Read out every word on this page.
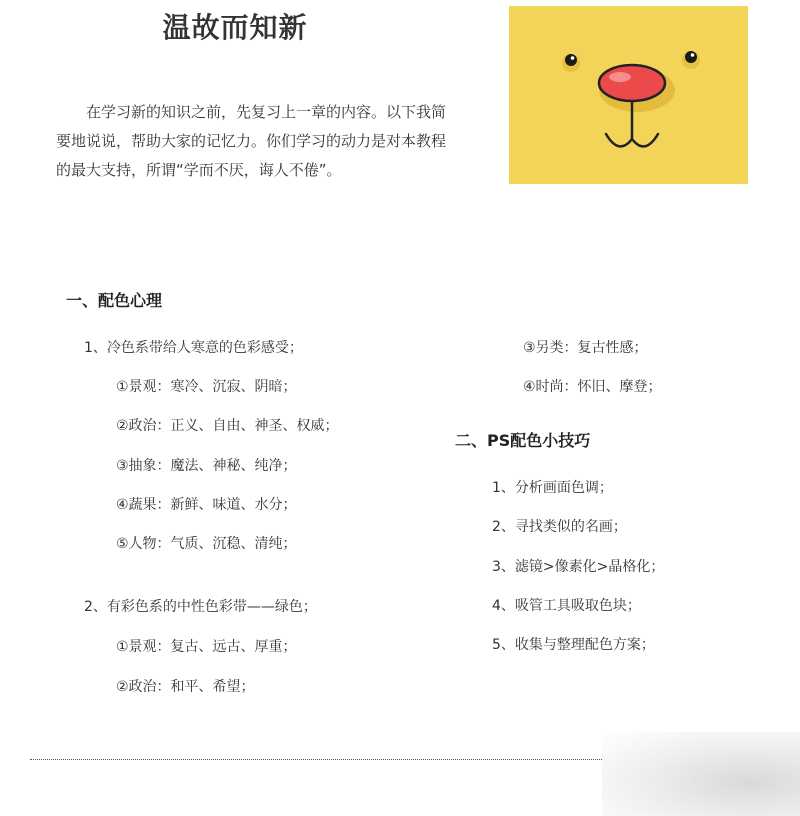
温故而知新
在学习新的知识之前，先复习上一章的内容。以下我简要地说说，帮助大家的记忆力。你们学习的动力是对本教程的最大支持，所谓“学而不厌，诲人不倦”。
一、配色心理
1、冷色系带给人寒意的色彩感受；
①景观：寒冷、沉寂、阴暗；
②政治：正义、自由、神圣、权威；
③抽象：魔法、神秘、纯净；
④蔬果：新鲜、味道、水分；
⑤人物：气质、沉稳、清纯；
2、有彩色系的中性色彩带——绿色；
①景观：复古、远古、厚重；
②政治：和平、希望；
③另类：复古性感；
④时尚：怀旧、摩登；
二、PS配色小技巧
1、分析画面色调；
2、寻找类似的名画；
3、滤镜>像素化>晶格化；
4、吸管工具吸取色块；
5、收集与整理配色方案；
